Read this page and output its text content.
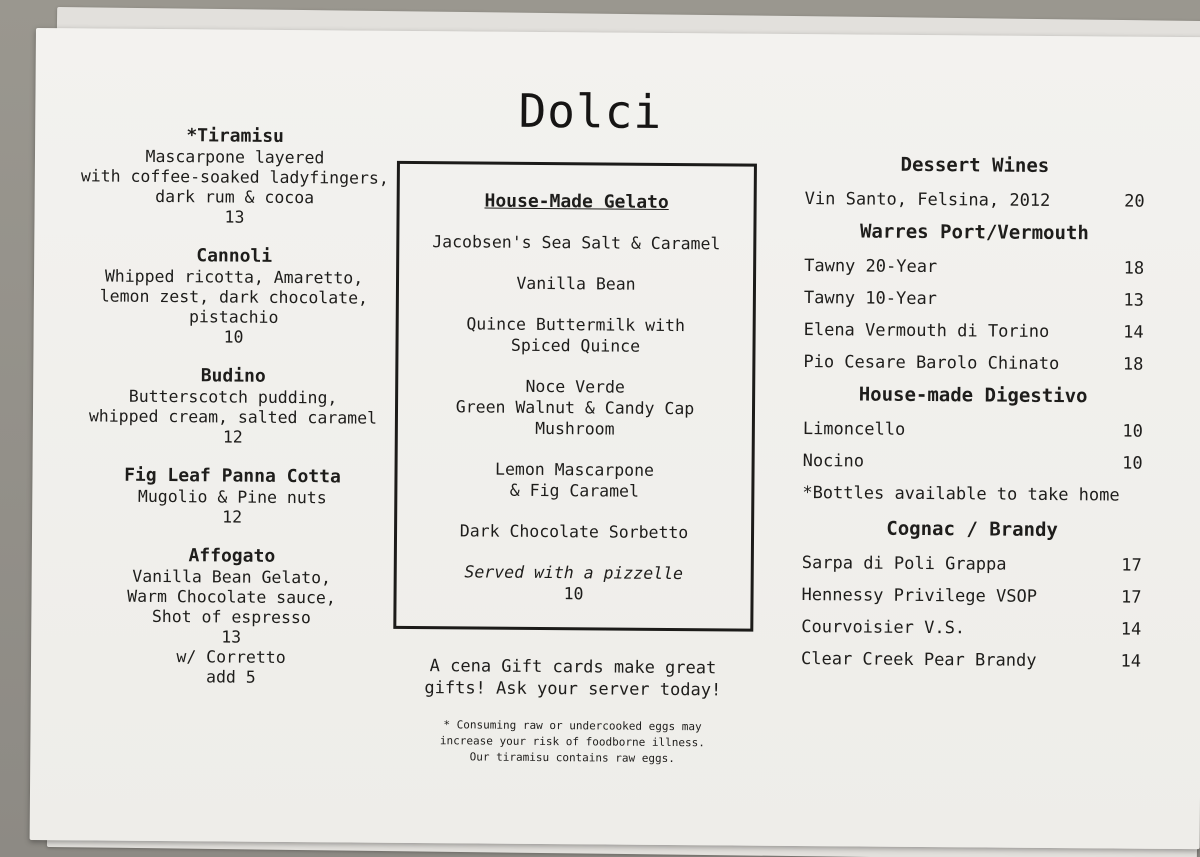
Dolci
*Tiramisu
Mascarpone layered
with coffee-soaked ladyfingers,
dark rum & cocoa
13
Cannoli
Whipped ricotta, Amaretto,
lemon zest, dark chocolate,
pistachio
10
Budino
Butterscotch pudding,
whipped cream, salted caramel
12
Fig Leaf Panna Cotta
Mugolio & Pine nuts
12
Affogato
Vanilla Bean Gelato,
Warm Chocolate sauce,
Shot of espresso
13
w/ Corretto
add 5
House-Made Gelato
Jacobsen's Sea Salt & Caramel
Vanilla Bean
Quince Buttermilk with
Spiced Quince
Noce Verde
Green Walnut & Candy Cap
Mushroom
Lemon Mascarpone
& Fig Caramel
Dark Chocolate Sorbetto
Served with a pizzelle
10
A cena Gift cards make great
gifts! Ask your server today!
* Consuming raw or undercooked eggs may
increase your risk of foodborne illness.
Our tiramisu contains raw eggs.
Dessert Wines
Vin Santo, Felsina, 2012	20
Warres Port/Vermouth
Tawny 20-Year	18
Tawny 10-Year	13
Elena Vermouth di Torino	14
Pio Cesare Barolo Chinato	18
House-made Digestivo
Limoncello	10
Nocino	10
*Bottles available to take home
Cognac / Brandy
Sarpa di Poli Grappa	17
Hennessy Privilege VSOP	17
Courvoisier V.S.	14
Clear Creek Pear Brandy	14
